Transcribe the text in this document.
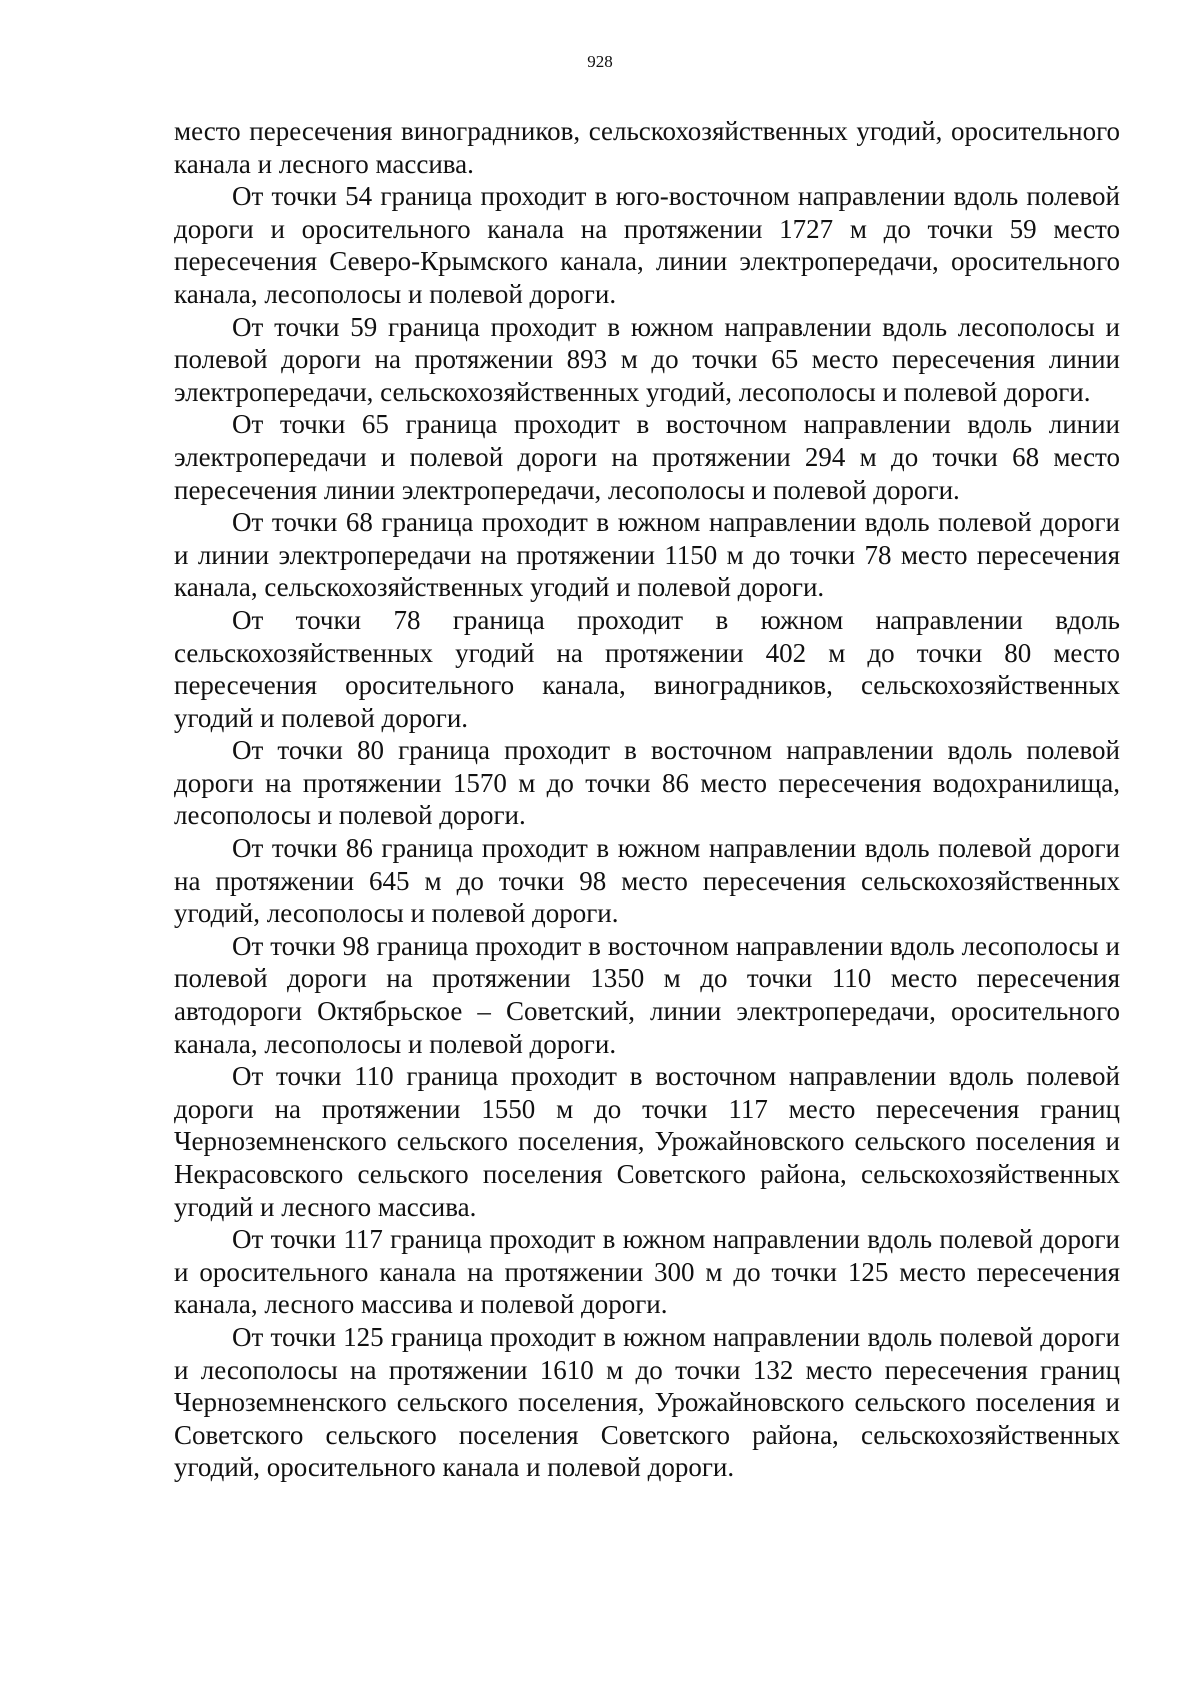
928

место пересечения виноградников, сельскохозяйственных угодий, оросительного канала и лесного массива.

От точки 54 граница проходит в юго-восточном направлении вдоль полевой дороги и оросительного канала на протяжении 1727 м до точки 59 место пересечения Северо-Крымского канала, линии электропередачи, оросительного канала, лесополосы и полевой дороги.

От точки 59 граница проходит в южном направлении вдоль лесополосы и полевой дороги на протяжении 893 м до точки 65 место пересечения линии электропередачи, сельскохозяйственных угодий, лесополосы и полевой дороги.

От точки 65 граница проходит в восточном направлении вдоль линии электропередачи и полевой дороги на протяжении 294 м до точки 68 место пересечения линии электропередачи, лесополосы и полевой дороги.

От точки 68 граница проходит в южном направлении вдоль полевой дороги и линии электропередачи на протяжении 1150 м до точки 78 место пересечения канала, сельскохозяйственных угодий и полевой дороги.

От точки 78 граница проходит в южном направлении вдоль сельскохозяйственных угодий на протяжении 402 м до точки 80 место пересечения оросительного канала, виноградников, сельскохозяйственных угодий и полевой дороги.

От точки 80 граница проходит в восточном направлении вдоль полевой дороги на протяжении 1570 м до точки 86 место пересечения водохранилища, лесополосы и полевой дороги.

От точки 86 граница проходит в южном направлении вдоль полевой дороги на протяжении 645 м до точки 98 место пересечения сельскохозяйственных угодий, лесополосы и полевой дороги.

От точки 98 граница проходит в восточном направлении вдоль лесополосы и полевой дороги на протяжении 1350 м до точки 110 место пересечения автодороги Октябрьское – Советский, линии электропередачи, оросительного канала, лесополосы и полевой дороги.

От точки 110 граница проходит в восточном направлении вдоль полевой дороги на протяжении 1550 м до точки 117 место пересечения границ Черноземненского сельского поселения, Урожайновского сельского поселения и Некрасовского сельского поселения Советского района, сельскохозяйственных угодий и лесного массива.

От точки 117 граница проходит в южном направлении вдоль полевой дороги и оросительного канала на протяжении 300 м до точки 125 место пересечения канала, лесного массива и полевой дороги.

От точки 125 граница проходит в южном направлении вдоль полевой дороги и лесополосы на протяжении 1610 м до точки 132 место пересечения границ Черноземненского сельского поселения, Урожайновского сельского поселения и Советского сельского поселения Советского района, сельскохозяйственных угодий, оросительного канала и полевой дороги.
